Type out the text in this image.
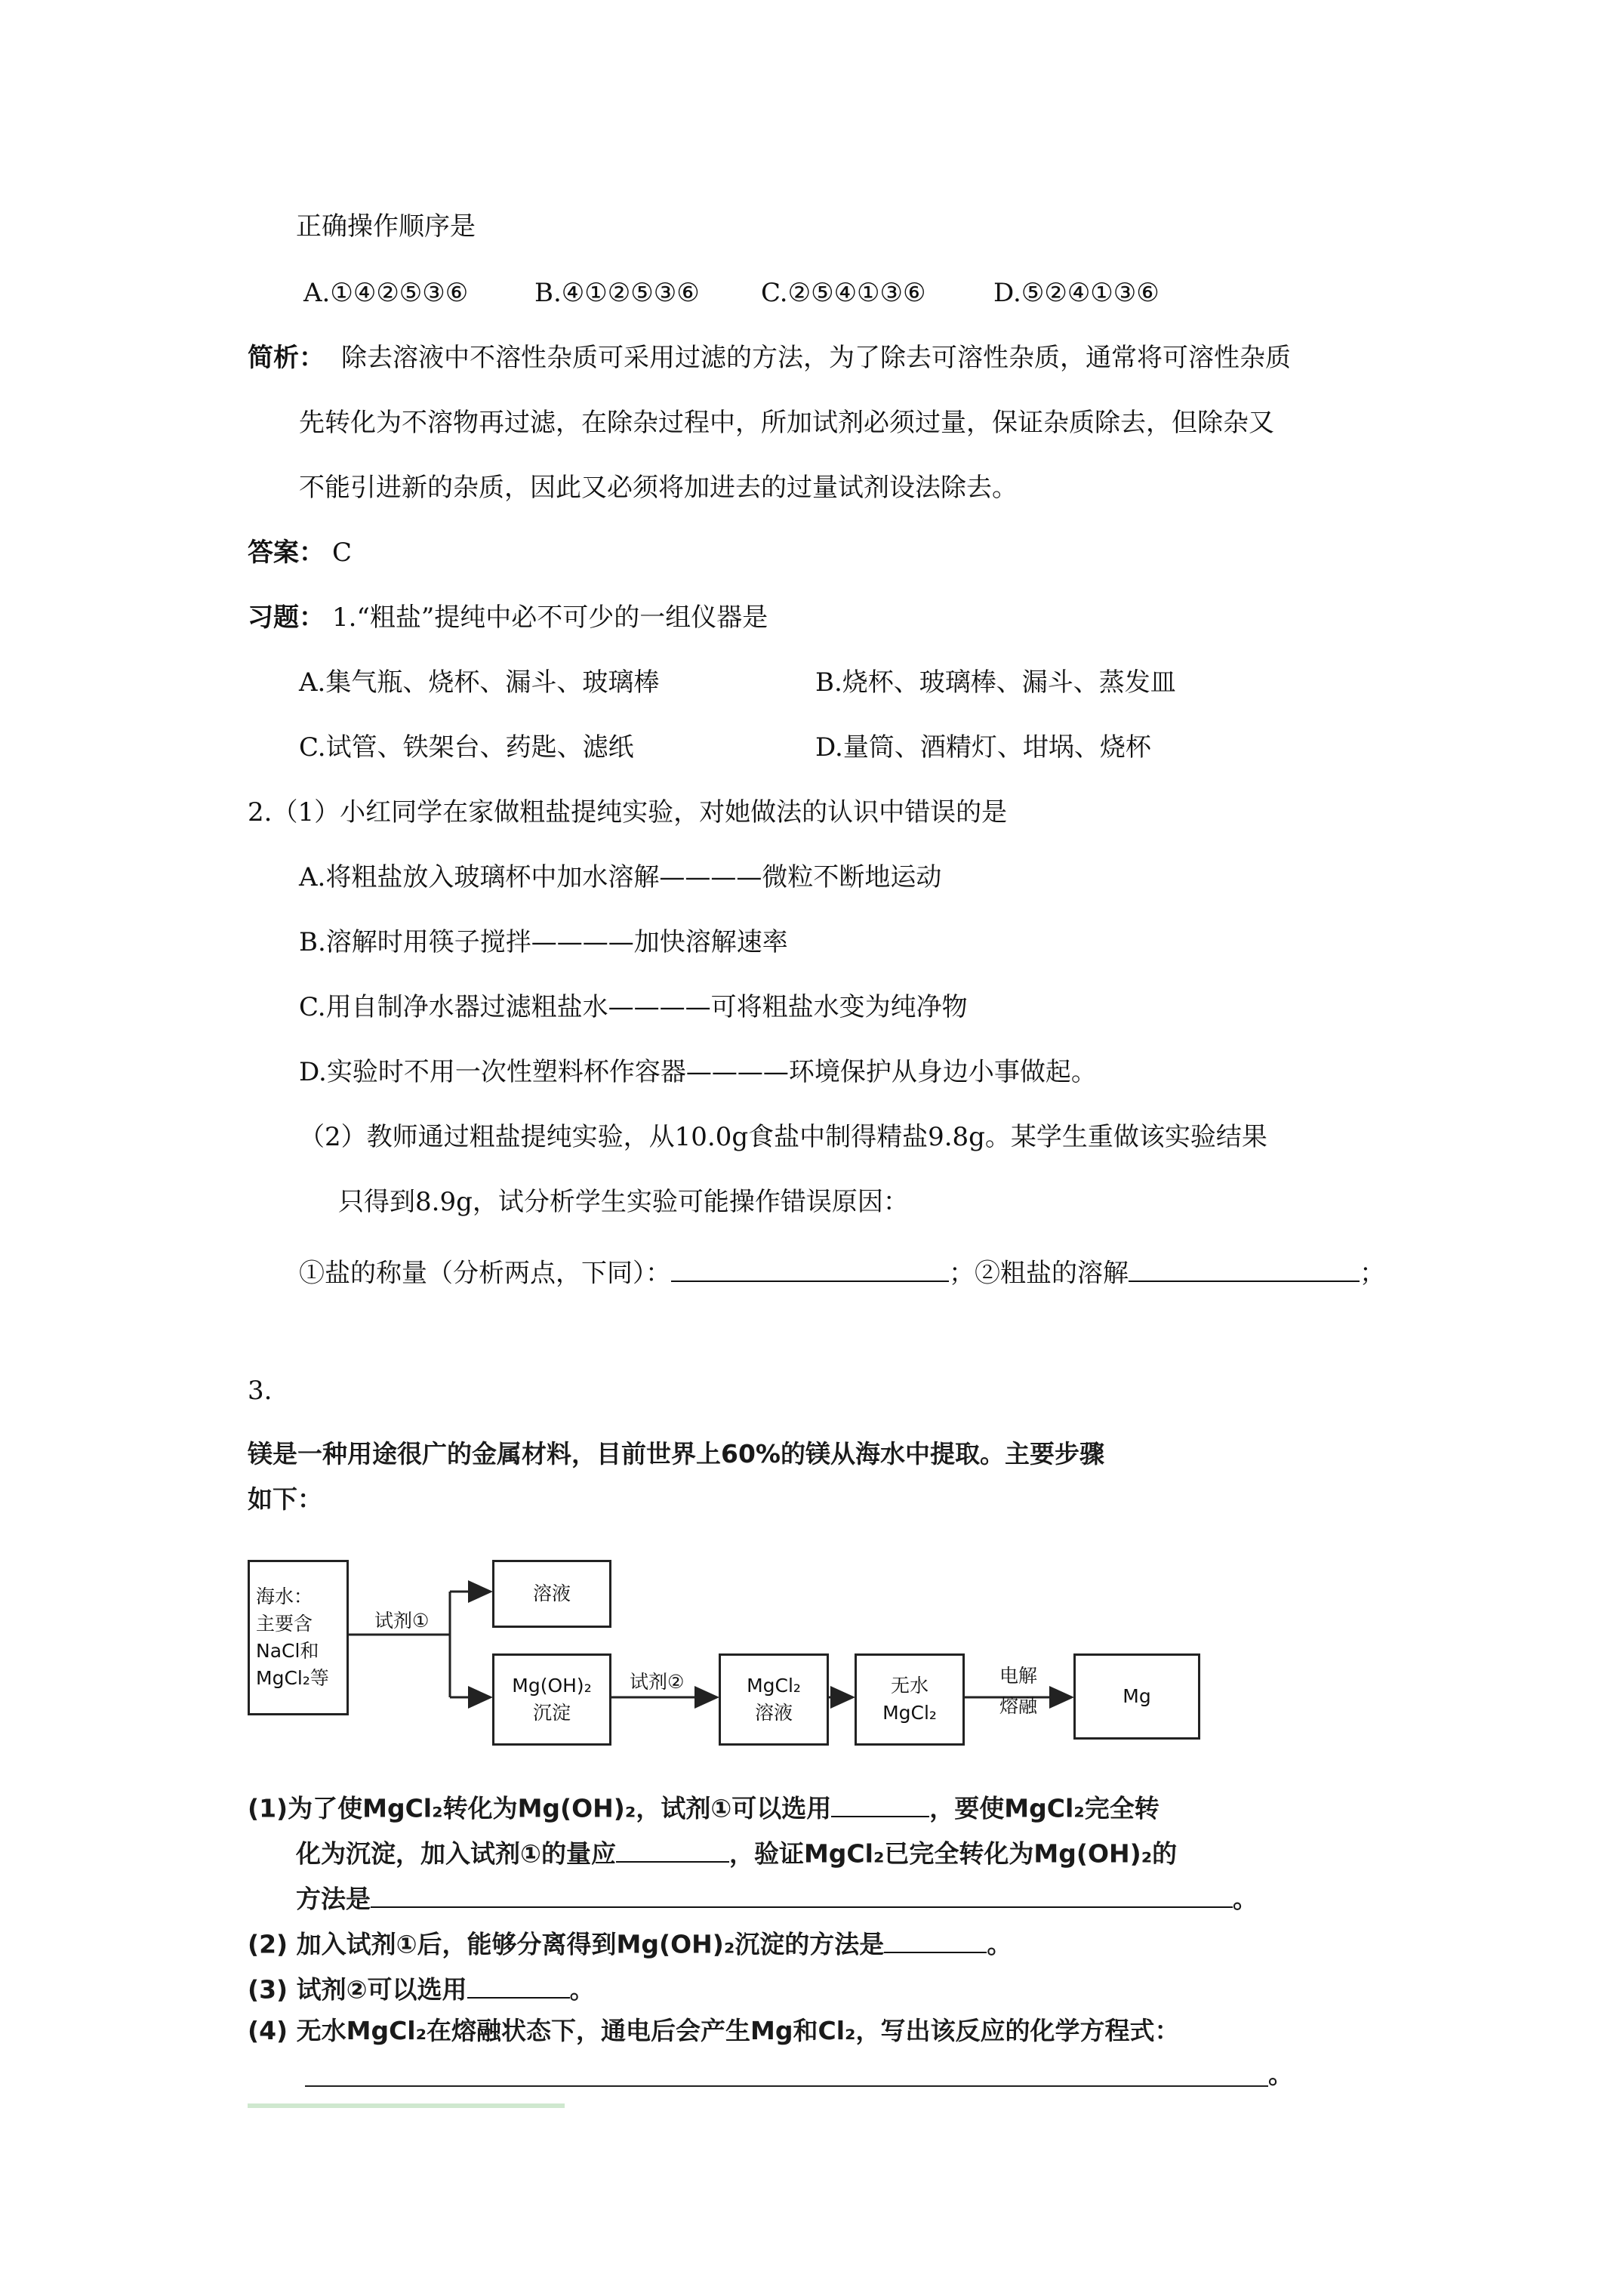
正确操作顺序是
A.①④②⑤③⑥	B.④①②⑤③⑥ C.②⑤④①③⑥	D.⑤②④①③⑥
简析： 除去溶液中不溶性杂质可采用过滤的方法，为了除去可溶性杂质，通常将可溶性杂质
先转化为不溶物再过滤，在除杂过程中，所加试剂必须过量，保证杂质除去，但除杂又
不能引进新的杂质，因此又必须将加进去的过量试剂设法除去。
答案： C
习题： 1.“粗盐”提纯中必不可少的一组仪器是
A.集气瓶、烧杯、漏斗、玻璃棒	B.烧杯、玻璃棒、漏斗、蒸发皿
C.试管、铁架台、药匙、滤纸	D.量筒、酒精灯、坩埚、烧杯
2.（1）小红同学在家做粗盐提纯实验，对她做法的认识中错误的是
A.将粗盐放入玻璃杯中加水溶解————微粒不断地运动
B.溶解时用筷子搅拌————加快溶解速率
C.用自制净水器过滤粗盐水————可将粗盐水变为纯净物
D.实验时不用一次性塑料杯作容器————环境保护从身边小事做起。
（2）教师通过粗盐提纯实验，从10.0g食盐中制得精盐9.8g。某学生重做该实验结果
只得到8.9g，试分析学生实验可能操作错误原因：
①盐的称量（分析两点，下同）：	；②粗盐的溶解	；
3.
镁是一种用途很广的金属材料，目前世界上60%的镁从海水中提取。主要步骤
如下：
海水：
主要含
NaCl和
MgCl₂等
试剂①
溶液
Mg(OH)₂
沉淀
试剂②	MgCl₂
溶液
无水
MgCl₂
电解
熔融	Mg
(1)为了使MgCl₂转化为Mg(OH)₂，试剂①可以选用	，要使MgCl₂完全转
化为沉淀，加入试剂①的量应	，验证MgCl₂已完全转化为Mg(OH)₂的
方法是	。
(2) 加入试剂①后，能够分离得到Mg(OH)₂沉淀的方法是	。
(3) 试剂②可以选用	。
(4) 无水MgCl₂在熔融状态下，通电后会产生Mg和Cl₂，写出该反应的化学方程式：
。
